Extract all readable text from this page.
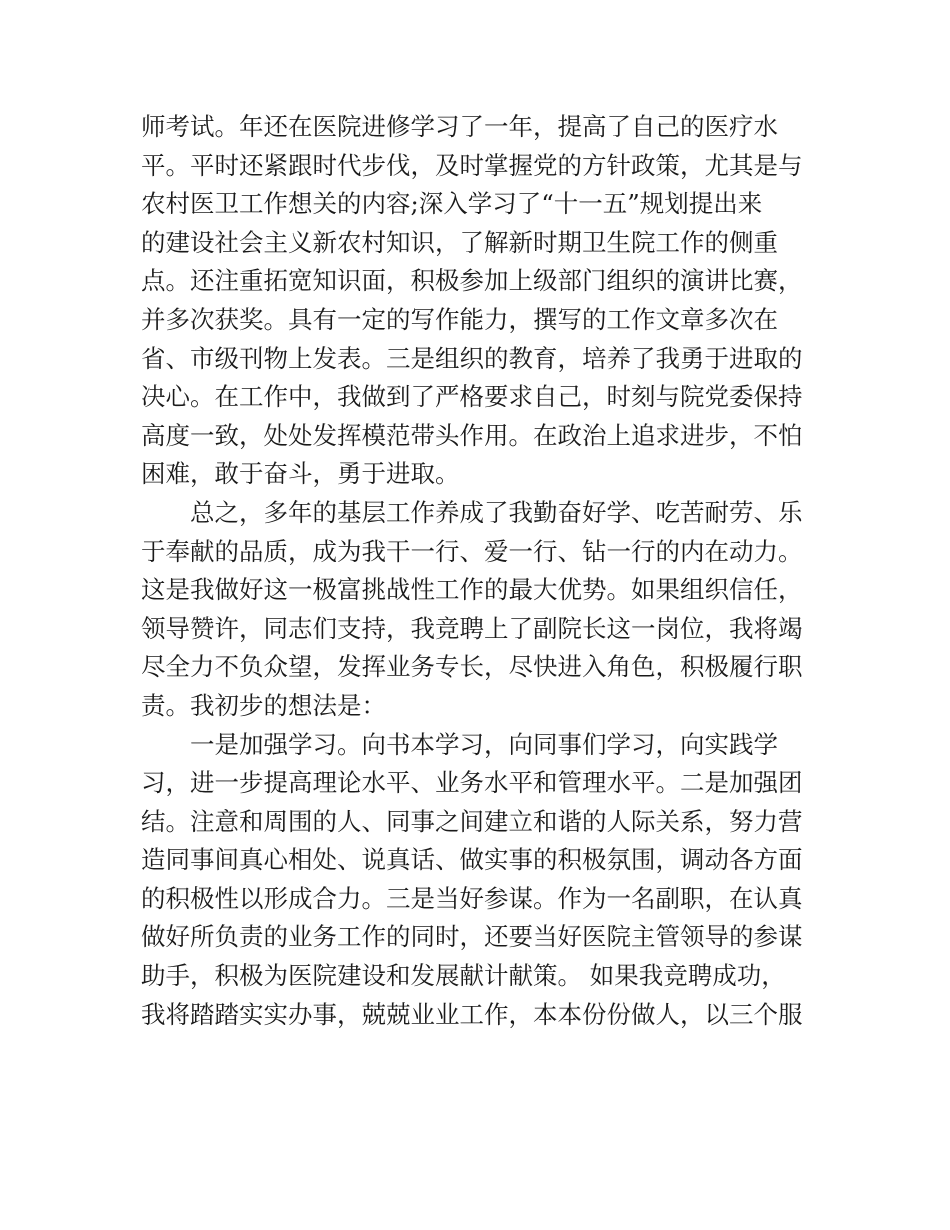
师考试。年还在医院进修学习了一年，提高了自己的医疗水
平。平时还紧跟时代步伐，及时掌握党的方针政策，尤其是与
农村医卫工作想关的内容;深入学习了“十一五”规划提出来
的建设社会主义新农村知识，了解新时期卫生院工作的侧重
点。还注重拓宽知识面，积极参加上级部门组织的演讲比赛，
并多次获奖。具有一定的写作能力，撰写的工作文章多次在
省、市级刊物上发表。三是组织的教育，培养了我勇于进取的
决心。在工作中，我做到了严格要求自己，时刻与院党委保持
高度一致，处处发挥模范带头作用。在政治上追求进步，不怕
困难，敢于奋斗，勇于进取。
总之，多年的基层工作养成了我勤奋好学、吃苦耐劳、乐
于奉献的品质，成为我干一行、爱一行、钻一行的内在动力。
这是我做好这一极富挑战性工作的最大优势。如果组织信任，
领导赞许，同志们支持，我竞聘上了副院长这一岗位，我将竭
尽全力不负众望，发挥业务专长，尽快进入角色，积极履行职
责。我初步的想法是：
一是加强学习。向书本学习，向同事们学习，向实践学
习，进一步提高理论水平、业务水平和管理水平。二是加强团
结。注意和周围的人、同事之间建立和谐的人际关系，努力营
造同事间真心相处、说真话、做实事的积极氛围，调动各方面
的积极性以形成合力。三是当好参谋。作为一名副职，在认真
做好所负责的业务工作的同时，还要当好医院主管领导的参谋
助手，积极为医院建设和发展献计献策。 如果我竞聘成功，
我将踏踏实实办事，兢兢业业工作，本本份份做人，以三个服
